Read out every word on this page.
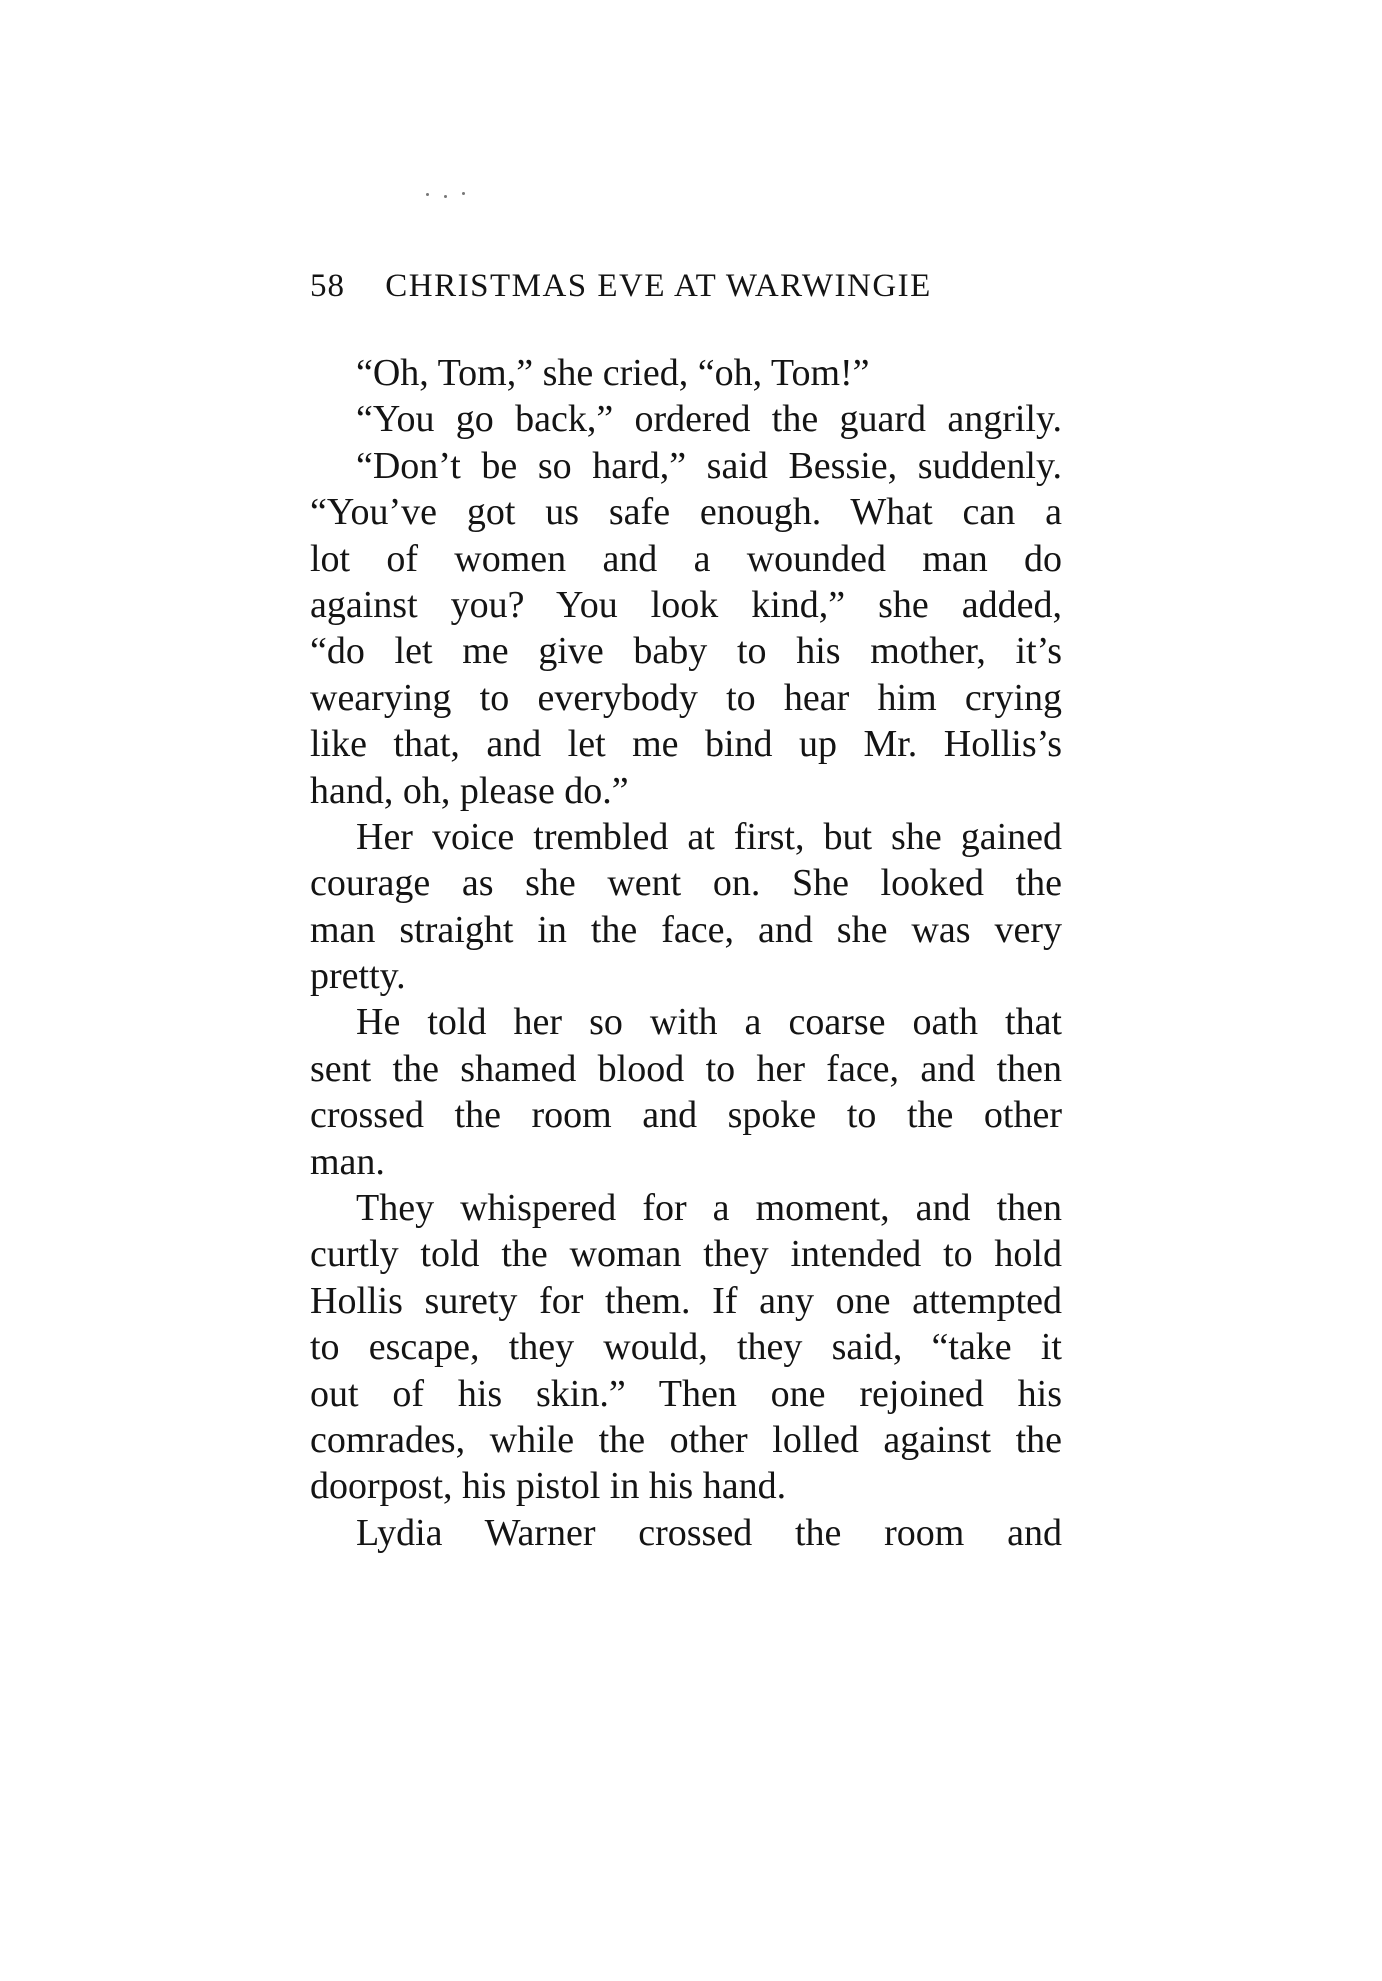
58 CHRISTMAS EVE AT WARWINGIE
“Oh, Tom,” she cried, “oh, Tom!”
“You go back,” ordered the guard angrily.
“Don’t be so hard,” said Bessie, suddenly.
“You’ve got us safe enough. What can a
lot of women and a wounded man do
against you? You look kind,” she added,
“do let me give baby to his mother, it’s
wearying to everybody to hear him crying
like that, and let me bind up Mr. Hollis’s
hand, oh, please do.”
Her voice trembled at first, but she gained
courage as she went on. She looked the
man straight in the face, and she was very
pretty.
He told her so with a coarse oath that
sent the shamed blood to her face, and then
crossed the room and spoke to the other
man.
They whispered for a moment, and then
curtly told the woman they intended to hold
Hollis surety for them. If any one attempted
to escape, they would, they said, “take it
out of his skin.” Then one rejoined his
comrades, while the other lolled against the
doorpost, his pistol in his hand.
Lydia Warner crossed the room and
